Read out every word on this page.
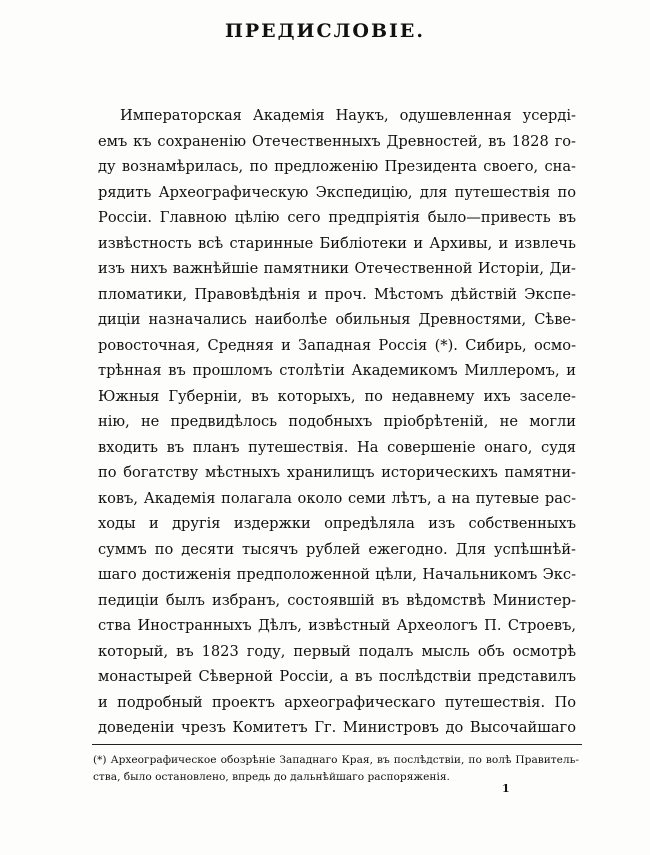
ПРЕДИСЛОВІЕ.
Императорская Академія Наукъ, одушевленная усерді-
емъ къ сохраненію Отечественныхъ Древностей, въ 1828 го-
ду вознамѣрилась, по предложенію Президента своего, сна-
рядить Археографическую Экспедицію, для путешествія по
Россіи. Главною цѣлію сего предпріятія было—привесть въ
извѣстность всѣ старинные Библіотеки и Архивы, и извлечь
изъ нихъ важнѣйшіе памятники Отечественной Исторіи, Ди-
пломатики, Правовѣдѣнія и проч. Мѣстомъ дѣйствій Экспе-
диціи назначались наиболѣе обильныя Древностями, Сѣве-
ровосточная, Средняя и Западная Россія (*). Сибирь, осмо-
трѣнная въ прошломъ столѣтіи Академикомъ Миллеромъ, и
Южныя Губерніи, въ которыхъ, по недавнему ихъ заселе-
нію, не предвидѣлось подобныхъ пріобрѣтеній, не могли
входить въ планъ путешествія. На совершеніе онаго, судя
по богатству мѣстныхъ хранилищъ историческихъ памятни-
ковъ, Академія полагала около семи лѣтъ, а на путевые рас-
ходы и другія издержки опредѣляла изъ собственныхъ
суммъ по десяти тысячъ рублей ежегодно. Для успѣшнѣй-
шаго достиженія предположенной цѣли, Начальникомъ Экс-
педиціи былъ избранъ, состоявшій въ вѣдомствѣ Министер-
ства Иностранныхъ Дѣлъ, извѣстный Археологъ П. Строевъ,
который, въ 1823 году, первый подалъ мысль объ осмотрѣ
монастырей Сѣверной Россіи, а въ послѣдствіи представилъ
и подробный проектъ археографическаго путешествія. По
доведеніи чрезъ Комитетъ Гг. Министровъ до Высочайшаго
(*) Археографическое обозрѣніе Западнаго Края, въ послѣдствіи, по волѣ Правитель-
ства, было остановлено, впредь до дальнѣйшаго распоряженія.
1
